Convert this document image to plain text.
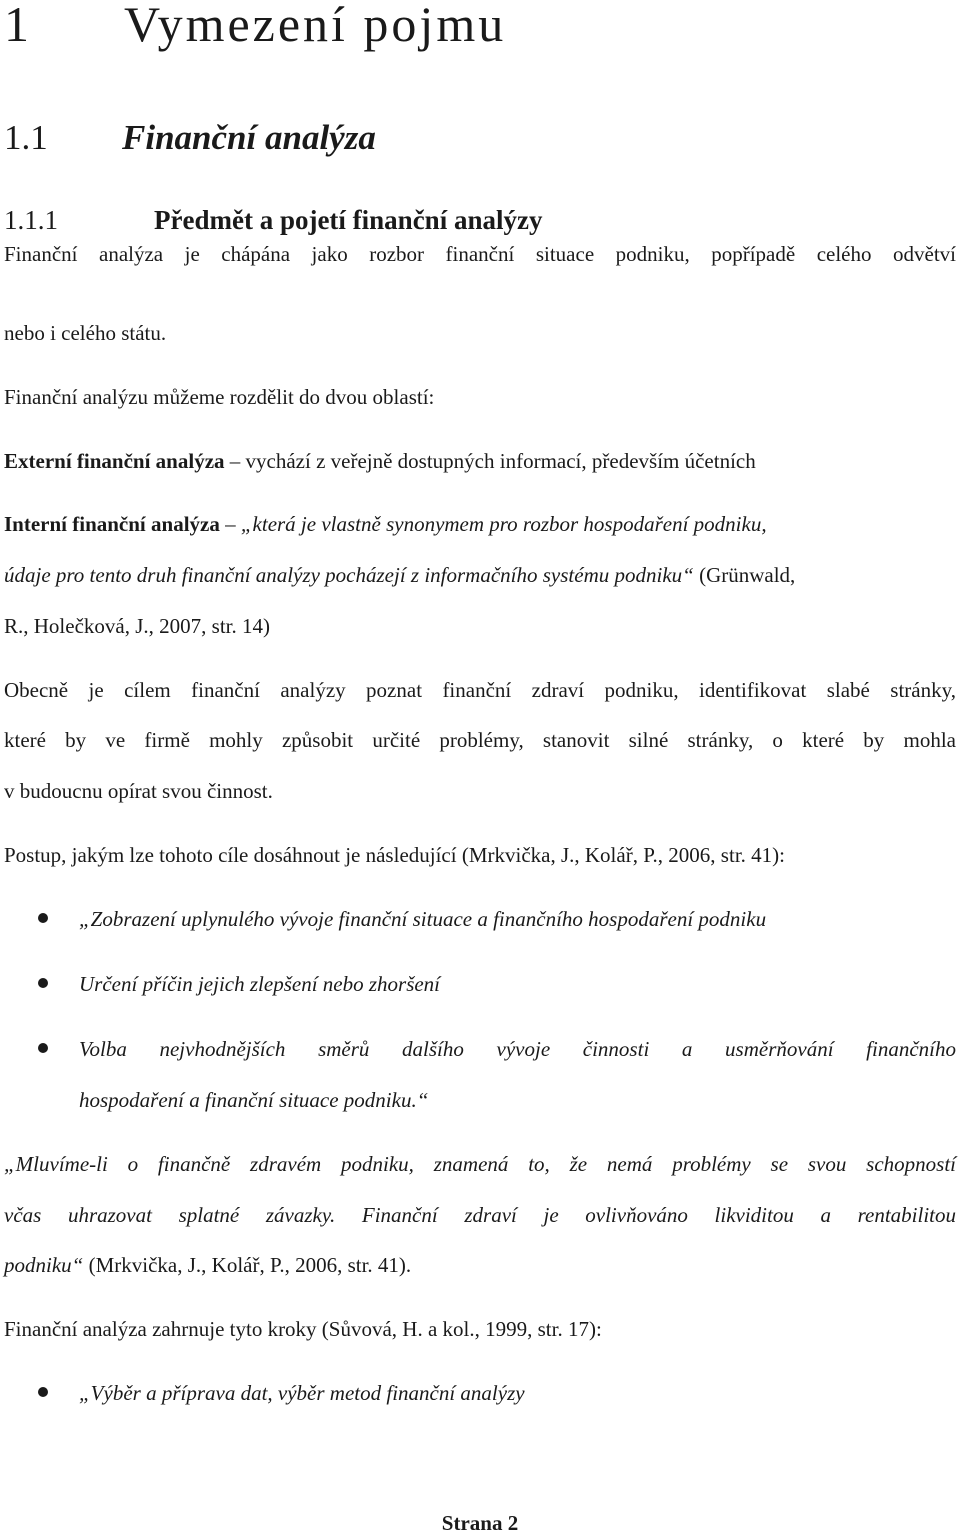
1 Vymezení pojmu
1.1 Finanční analýza
1.1.1	Předmět a pojetí finanční analýzy
Finanční analýza je chápána jako rozbor finanční situace podniku, popřípadě celého odvětví
nebo i celého státu.
Finanční analýzu můžeme rozdělit do dvou oblastí:
Externí finanční analýza – vychází z veřejně dostupných informací, především účetních
Interní finanční analýza – „která je vlastně synonymem pro rozbor hospodaření podniku,
údaje pro tento druh finanční analýzy pocházejí z informačního systému podniku“ (Grünwald,
R., Holečková, J., 2007, str. 14)
Obecně je cílem finanční analýzy poznat finanční zdraví podniku, identifikovat slabé stránky,
které by ve firmě mohly způsobit určité problémy, stanovit silné stránky, o které by mohla
v budoucnu opírat svou činnost.
Postup, jakým lze tohoto cíle dosáhnout je následující (Mrkvička, J., Kolář, P., 2006, str. 41):
„Zobrazení uplynulého vývoje finanční situace a finančního hospodaření podniku
Určení příčin jejich zlepšení nebo zhoršení
Volba nejvhodnějších směrů dalšího vývoje činnosti a usměrňování finančního
hospodaření a finanční situace podniku.“
„Mluvíme-li o finančně zdravém podniku, znamená to, že nemá problémy se svou schopností
včas uhrazovat splatné závazky. Finanční zdraví je ovlivňováno likviditou a rentabilitou
podniku“ (Mrkvička, J., Kolář, P., 2006, str. 41).
Finanční analýza zahrnuje tyto kroky (Sůvová, H. a kol., 1999, str. 17):
„Výběr a příprava dat, výběr metod finanční analýzy
Strana 2
